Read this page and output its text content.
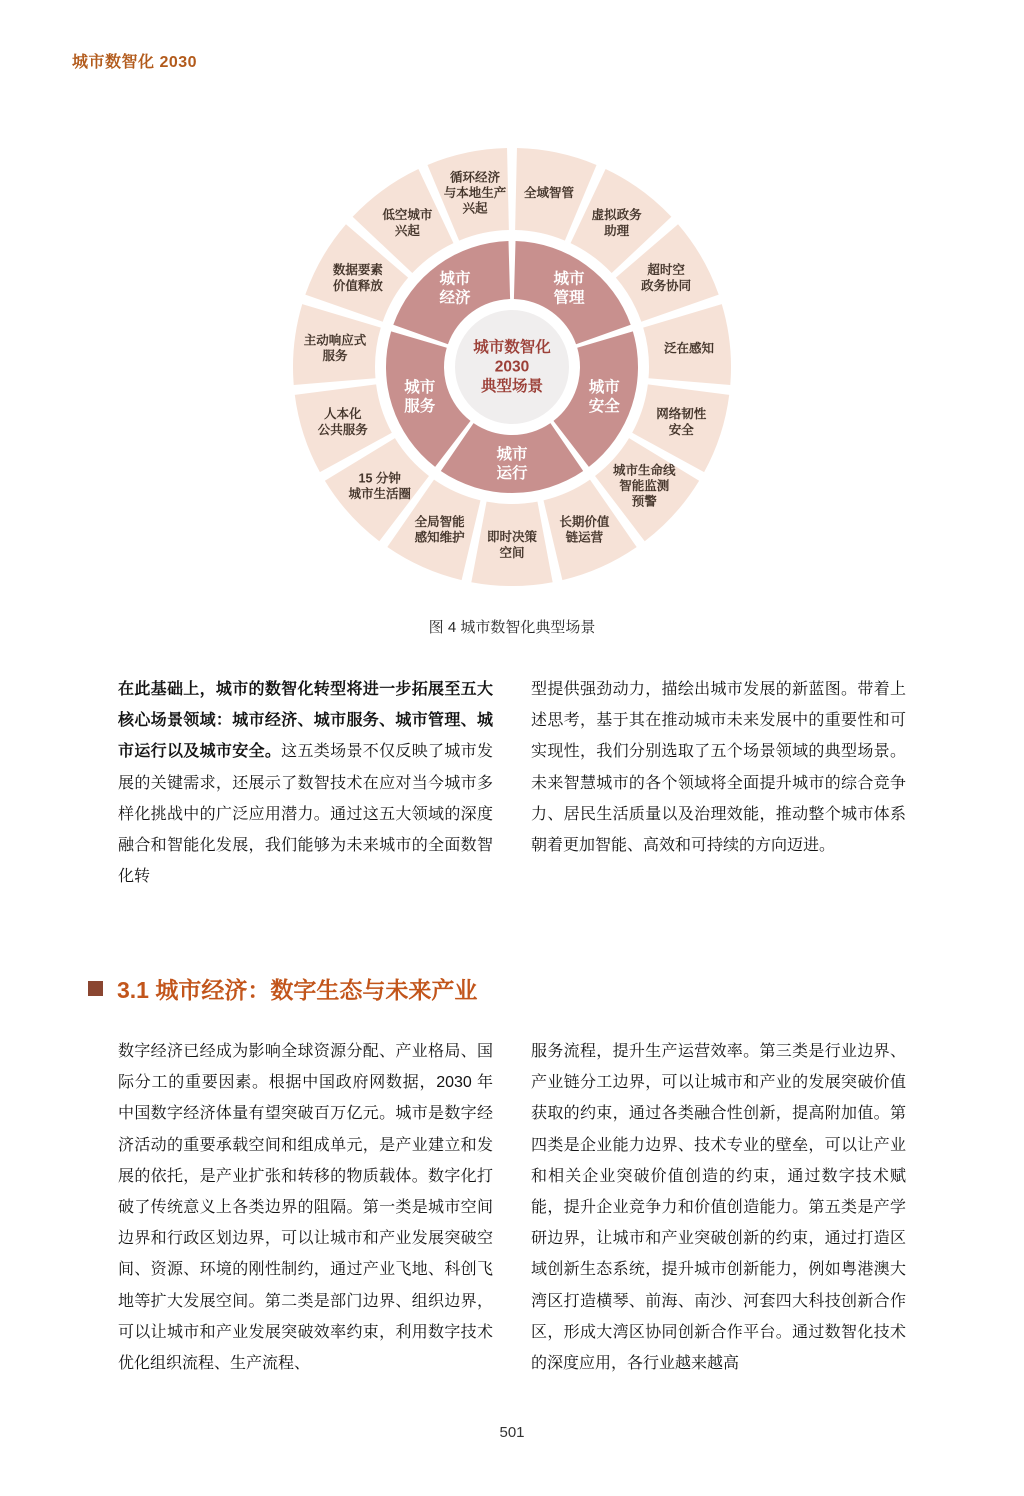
城市数智化 2030
循环经济与本地生产兴起
全域智管
虚拟政务助理
超时空政务协同
泛在感知
网络韧性安全
城市生命线智能监测预警
长期价值链运营
即时决策空间
全局智能感知维护
15 分钟城市生活圈
人本化公共服务
主动响应式服务
数据要素价值释放
低空城市兴起
城市经济
城市管理
城市安全
城市运行
城市服务
城市数智化 2030 典型场景
图 4 城市数智化典型场景

在此基础上，城市的数智化转型将进一步拓展至五大核心场景领域：城市经济、城市服务、城市管理、城市运行以及城市安全。这五类场景不仅反映了城市发展的关键需求，还展示了数智技术在应对当今城市多样化挑战中的广泛应用潜力。通过这五大领域的深度融合和智能化发展，我们能够为未来城市的全面数智化转

型提供强劲动力，描绘出城市发展的新蓝图。带着上述思考，基于其在推动城市未来发展中的重要性和可实现性，我们分别选取了五个场景领域的典型场景。未来智慧城市的各个领域将全面提升城市的综合竞争力、居民生活质量以及治理效能，推动整个城市体系朝着更加智能、高效和可持续的方向迈进。

3.1 城市经济：数字生态与未来产业

数字经济已经成为影响全球资源分配、产业格局、国际分工的重要因素。根据中国政府网数据，2030 年中国数字经济体量有望突破百万亿元。城市是数字经济活动的重要承载空间和组成单元，是产业建立和发展的依托，是产业扩张和转移的物质载体。数字化打破了传统意义上各类边界的阻隔。第一类是城市空间边界和行政区划边界，可以让城市和产业发展突破空间、资源、环境的刚性制约，通过产业飞地、科创飞地等扩大发展空间。第二类是部门边界、组织边界，可以让城市和产业发展突破效率约束，利用数字技术优化组织流程、生产流程、

服务流程，提升生产运营效率。第三类是行业边界、产业链分工边界，可以让城市和产业的发展突破价值获取的约束，通过各类融合性创新，提高附加值。第四类是企业能力边界、技术专业的壁垒，可以让产业和相关企业突破价值创造的约束，通过数字技术赋能，提升企业竞争力和价值创造能力。第五类是产学研边界，让城市和产业突破创新的约束，通过打造区域创新生态系统，提升城市创新能力，例如粤港澳大湾区打造横琴、前海、南沙、河套四大科技创新合作区，形成大湾区协同创新合作平台。通过数智化技术的深度应用，各行业越来越高

501
